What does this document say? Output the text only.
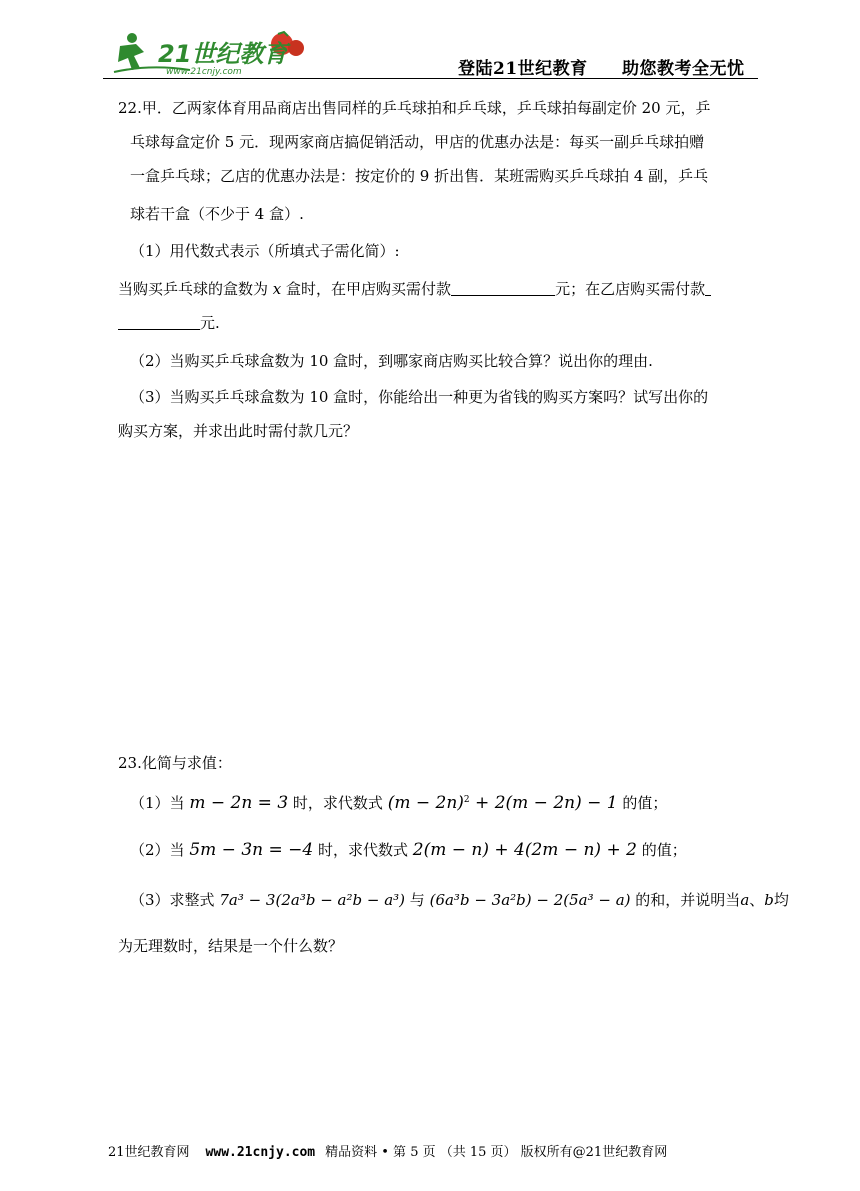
21世纪教育
www.21cnjy.com	登陆21世纪教育 助您教考全无忧
22.甲．乙两家体育用品商店出售同样的乒乓球拍和乒乓球，乒乓球拍每副定价 20 元，乒
乓球每盒定价 5 元．现两家商店搞促销活动，甲店的优惠办法是：每买一副乒乓球拍赠
一盒乒乓球；乙店的优惠办法是：按定价的 9 折出售．某班需购买乒乓球拍 4 副，乒乓
球若干盒（不少于 4 盒）.
（1）用代数式表示（所填式子需化简）:
当购买乒乓球的盒数为 x 盒时，在甲店购买需付款	元；在乙店购买需付款
元.
（2）当购买乒乓球盒数为 10 盒时，到哪家商店购买比较合算？说出你的理由.
（3）当购买乒乓球盒数为 10 盒时，你能给出一种更为省钱的购买方案吗？试写出你的
购买方案，并求出此时需付款几元？
23.化简与求值：
（1）当 m − 2n = 3 时，求代数式 $(m - 2n)^2 + 2(m - 2n) - 1$ 的值；
（2）当 5m − 3n = −4 时，求代数式 2(m − n) + 4(2m − n) + 2 的值；
（3）求整式 7a³ − 3(2a³b − a²b − a³) 与 (6a³b − 3a²b) − 2(5a³ − a) 的和，并说明当a、b均
为无理数时，结果是一个什么数？
21世纪教育网 www.21cnjy.com 精品资料 • 第 5 页 （共 15 页） 版权所有@21世纪教育网
